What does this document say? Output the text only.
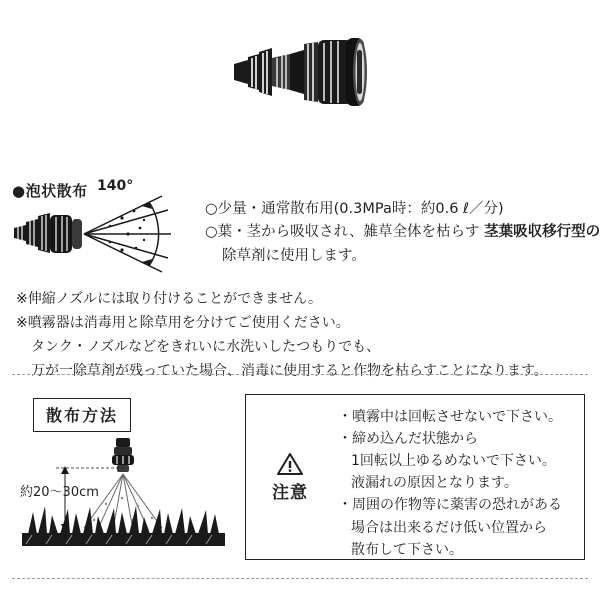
●泡状散布 140°
○少量・通常散布用(0.3MPa時：約0.6 ℓ／分)
○葉・茎から吸収され、雑草全体を枯らす 茎葉吸収移行型の
除草剤に使用します。
※伸縮ノズルには取り付けることができません。
※噴霧器は消毒用と除草用を分けてご使用ください。
タンク・ノズルなどをきれいに水洗いしたつもりでも、
万が一除草剤が残っていた場合、消毒に使用すると作物を枯らすことになります。
散布方法
約20〜30cm	注意
・噴霧中は回転させないで下さい。
・締め込んだ状態から
1回転以上ゆるめないで下さい。
液漏れの原因となります。
・周囲の作物等に薬害の恐れがある
場合は出来るだけ低い位置から
散布して下さい。
